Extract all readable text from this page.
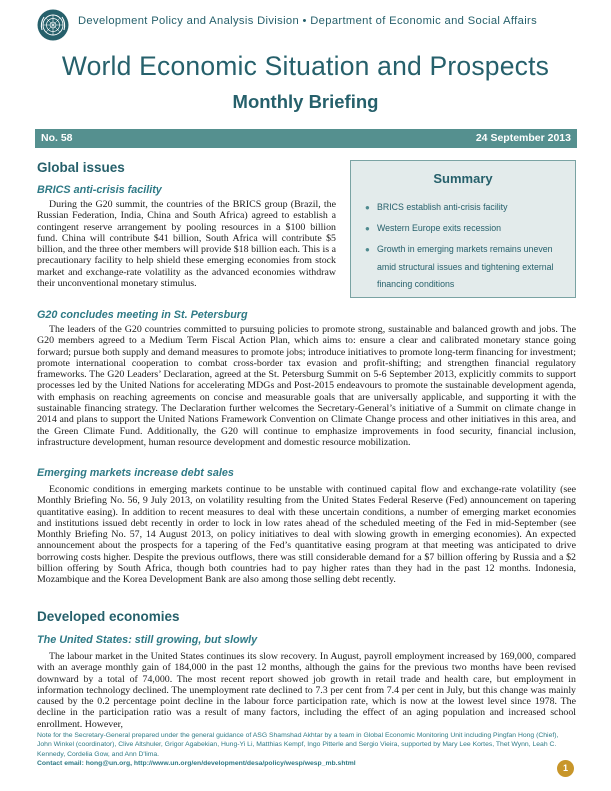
Development Policy and Analysis Division • Department of Economic and Social Affairs
World Economic Situation and Prospects
Monthly Briefing
No. 58	24 September 2013
Global issues
BRICS anti-crisis facility
During the G20 summit, the countries of the BRICS group (Brazil, the Russian Federation, India, China and South Africa) agreed to establish a contingent reserve arrangement by pooling resources in a $100 billion fund. China will contribute $41 billion, South Africa will contribute $5 billion, and the three other members will provide $18 billion each. This is a precautionary facility to help shield these emerging economies from stock market and exchange-rate volatility as the advanced economies withdraw their unconventional monetary stimulus.
Summary
● BRICS establish anti-crisis facility
● Western Europe exits recession
● Growth in emerging markets remains uneven amid structural issues and tightening external financing conditions
G20 concludes meeting in St. Petersburg
The leaders of the G20 countries committed to pursuing policies to promote strong, sustainable and balanced growth and jobs. The G20 members agreed to a Medium Term Fiscal Action Plan, which aims to: ensure a clear and calibrated monetary stance going forward; pursue both supply and demand measures to promote jobs; introduce initiatives to promote long-term financing for investment; promote international cooperation to combat cross-border tax evasion and profit-shifting; and strengthen financial regulatory frameworks. The G20 Leaders’ Declaration, agreed at the St. Petersburg Summit on 5-6 September 2013, explicitly commits to support processes led by the United Nations for accelerating MDGs and Post-2015 endeavours to promote the sustainable development agenda, with emphasis on reaching agreements on concise and measurable goals that are universally applicable, and supporting it with the sustainable financing strategy. The Declaration further welcomes the Secretary-General’s initiative of a Summit on climate change in 2014 and plans to support the United Nations Framework Convention on Climate Change process and other initiatives in this area, and the Green Climate Fund. Additionally, the G20 will continue to emphasize improvements in food security, financial inclusion, infrastructure development, human resource development and domestic resource mobilization.
Emerging markets increase debt sales
Economic conditions in emerging markets continue to be unstable with continued capital flow and exchange-rate volatility (see Monthly Briefing No. 56, 9 July 2013, on volatility resulting from the United States Federal Reserve (Fed) announcement on tapering quantitative easing). In addition to recent measures to deal with these uncertain conditions, a number of emerging market economies and institutions issued debt recently in order to lock in low rates ahead of the scheduled meeting of the Fed in mid-September (see Monthly Briefing No. 57, 14 August 2013, on policy initiatives to deal with slowing growth in emerging economies). An expected announcement about the prospects for a tapering of the Fed’s quantitative easing program at that meeting was anticipated to drive borrowing costs higher. Despite the previous outflows, there was still considerable demand for a $7 billion offering by Russia and a $2 billion offering by South Africa, though both countries had to pay higher rates than they had in the past 12 months. Indonesia, Mozambique and the Korea Development Bank are also among those selling debt recently.
Developed economies
The United States: still growing, but slowly
The labour market in the United States continues its slow recovery. In August, payroll employment increased by 169,000, compared with an average monthly gain of 184,000 in the past 12 months, although the gains for the previous two months have been revised downward by a total of 74,000. The most recent report showed job growth in retail trade and health care, but employment in information technology declined. The unemployment rate declined to 7.3 per cent from 7.4 per cent in July, but this change was mainly caused by the 0.2 percentage point decline in the labour force participation rate, which is now at the lowest level since 1978. The decline in the participation ratio was a result of many factors, including the effect of an aging population and increased school enrollment. However,
Note for the Secretary-General prepared under the general guidance of ASG Shamshad Akhtar by a team in Global Economic Monitoring Unit including Pingfan Hong (Chief), John Winkel (coordinator), Clive Altshuler, Grigor Agabekian, Hung-Yi Li, Matthias Kempf, Ingo Pitterle and Sergio Vieira, supported by Mary Lee Kortes, Thet Wynn, Leah C. Kennedy, Cordelia Gow, and Ann D'lima.
Contact email: hong@un.org, http://www.un.org/en/development/desa/policy/wesp/wesp_mb.shtml	1
